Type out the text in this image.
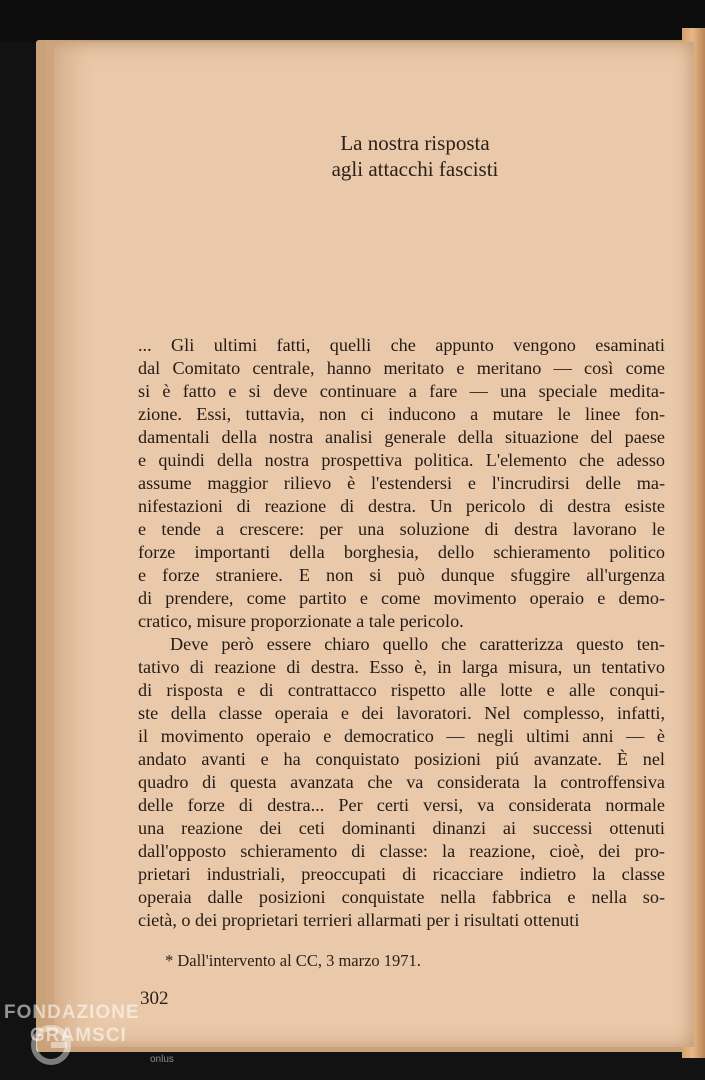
La nostra risposta
agli attacchi fascisti
... Gli ultimi fatti, quelli che appunto vengono esaminati
dal Comitato centrale, hanno meritato e meritano — così come
si è fatto e si deve continuare a fare — una speciale medita-
zione. Essi, tuttavia, non ci inducono a mutare le linee fon-
damentali della nostra analisi generale della situazione del paese
e quindi della nostra prospettiva politica. L'elemento che adesso
assume maggior rilievo è l'estendersi e l'incrudirsi delle ma-
nifestazioni di reazione di destra. Un pericolo di destra esiste
e tende a crescere: per una soluzione di destra lavorano le
forze importanti della borghesia, dello schieramento politico
e forze straniere. E non si può dunque sfuggire all'urgenza
di prendere, come partito e come movimento operaio e demo-
cratico, misure proporzionate a tale pericolo.
Deve però essere chiaro quello che caratterizza questo ten-
tativo di reazione di destra. Esso è, in larga misura, un tentativo
di risposta e di contrattacco rispetto alle lotte e alle conqui-
ste della classe operaia e dei lavoratori. Nel complesso, infatti,
il movimento operaio e democratico — negli ultimi anni — è
andato avanti e ha conquistato posizioni piú avanzate. È nel
quadro di questa avanzata che va considerata la controffensiva
delle forze di destra... Per certi versi, va considerata normale
una reazione dei ceti dominanti dinanzi ai successi ottenuti
dall'opposto schieramento di classe: la reazione, cioè, dei pro-
prietari industriali, preoccupati di ricacciare indietro la classe
operaia dalle posizioni conquistate nella fabbrica e nella so-
cietà, o dei proprietari terrieri allarmati per i risultati ottenuti
* Dall'intervento al CC, 3 marzo 1971.
302
FONDAZIONE
GRAMSCI
onlus
